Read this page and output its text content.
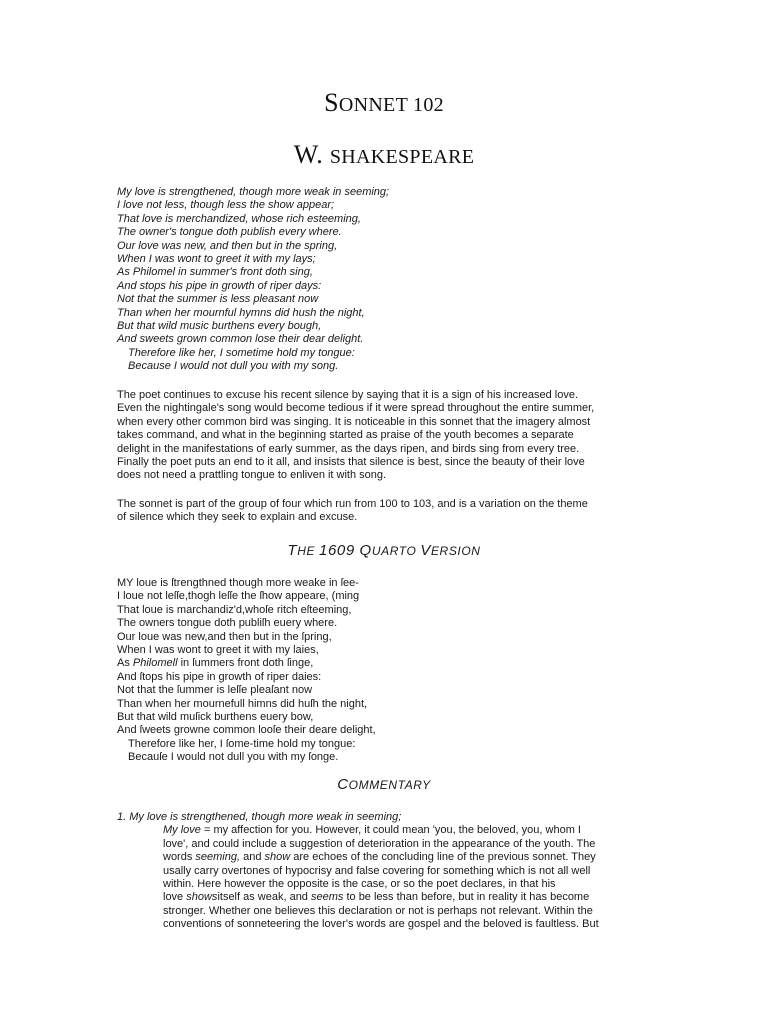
SONNET 102
W. SHAKESPEARE
My love is strengthened, though more weak in seeming;
I love not less, though less the show appear;
That love is merchandized, whose rich esteeming,
The owner's tongue doth publish every where.
Our love was new, and then but in the spring,
When I was wont to greet it with my lays;
As Philomel in summer's front doth sing,
And stops his pipe in growth of riper days:
Not that the summer is less pleasant now
Than when her mournful hymns did hush the night,
But that wild music burthens every bough,
And sweets grown common lose their dear delight.
Therefore like her, I sometime hold my tongue:
Because I would not dull you with my song.
The poet continues to excuse his recent silence by saying that it is a sign of his increased love.
Even the nightingale's song would become tedious if it were spread throughout the entire summer,
when every other common bird was singing. It is noticeable in this sonnet that the imagery almost
takes command, and what in the beginning started as praise of the youth becomes a separate
delight in the manifestations of early summer, as the days ripen, and birds sing from every tree.
Finally the poet puts an end to it all, and insists that silence is best, since the beauty of their love
does not need a prattling tongue to enliven it with song.
The sonnet is part of the group of four which run from 100 to 103, and is a variation on the theme
of silence which they seek to explain and excuse.
THE 1609 QUARTO VERSION
MY loue is ſtrengthned though more weake in ſee-
I loue not leſſe,thogh leſſe the ſhow appeare, (ming
That loue is marchandiz'd,whoſe ritch eſteeming,
The owners tongue doth publiſh euery where.
Our loue was new,and then but in the ſpring,
When I was wont to greet it with my laies,
As Philomell in ſummers front doth ſinge,
And ſtops his pipe in growth of riper daies:
Not that the ſummer is leſſe pleaſant now
Than when her mournefull himns did huſh the night,
But that wild muſick burthens euery bow,
And ſweets growne common looſe their deare delight,
Therefore like her, I ſome-time hold my tongue:
Becauſe I would not dull you with my ſonge.
COMMENTARY
1. My love is strengthened, though more weak in seeming;
My love = my affection for you. However, it could mean 'you, the beloved, you, whom I
love', and could include a suggestion of deterioration in the appearance of the youth. The
words seeming, and show are echoes of the concluding line of the previous sonnet. They
usally carry overtones of hypocrisy and false covering for something which is not all well
within. Here however the opposite is the case, or so the poet declares, in that his
love showsitself as weak, and seems to be less than before, but in reality it has become
stronger. Whether one believes this declaration or not is perhaps not relevant. Within the
conventions of sonneteering the lover's words are gospel and the beloved is faultless. But
